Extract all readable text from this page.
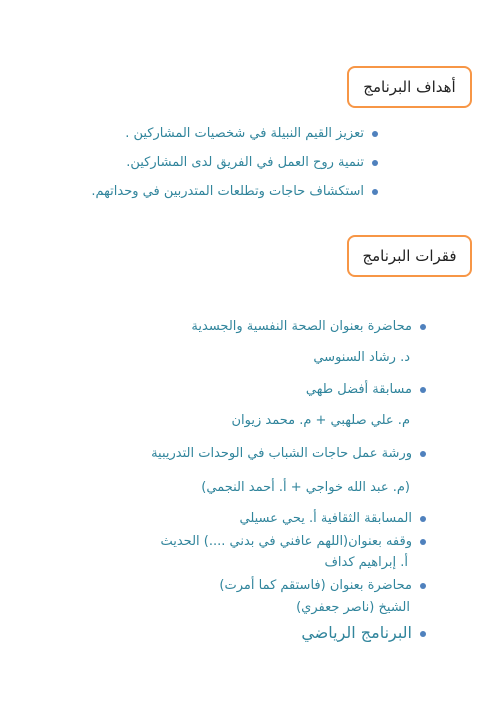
أهداف البرنامج
تعزيز القيم النبيلة في شخصيات المشاركين .
تنمية روح العمل في الفريق لدى المشاركين.
استكشاف حاجات وتطلعات المتدربين في وحداتهم.
فقرات البرنامج
محاضرة بعنوان الصحة النفسية والجسدية
د. رشاد السنوسي
مسابقة أفضل طهي
م. علي صلهبي + م. محمد زيوان
ورشة عمل حاجات الشباب في الوحدات التدريبية
(م. عبد الله خواجي + أ. أحمد النجمي)
المسابقة الثقافية أ. يحي عسيلي
وقفه بعنوان(اللهم عافني في بدني ....) الحديث
أ. إبراهيم كداف
محاضرة بعنوان (فاستقم كما أمرت)
الشيخ (ناصر جعفري)
البرنامج الرياضي
